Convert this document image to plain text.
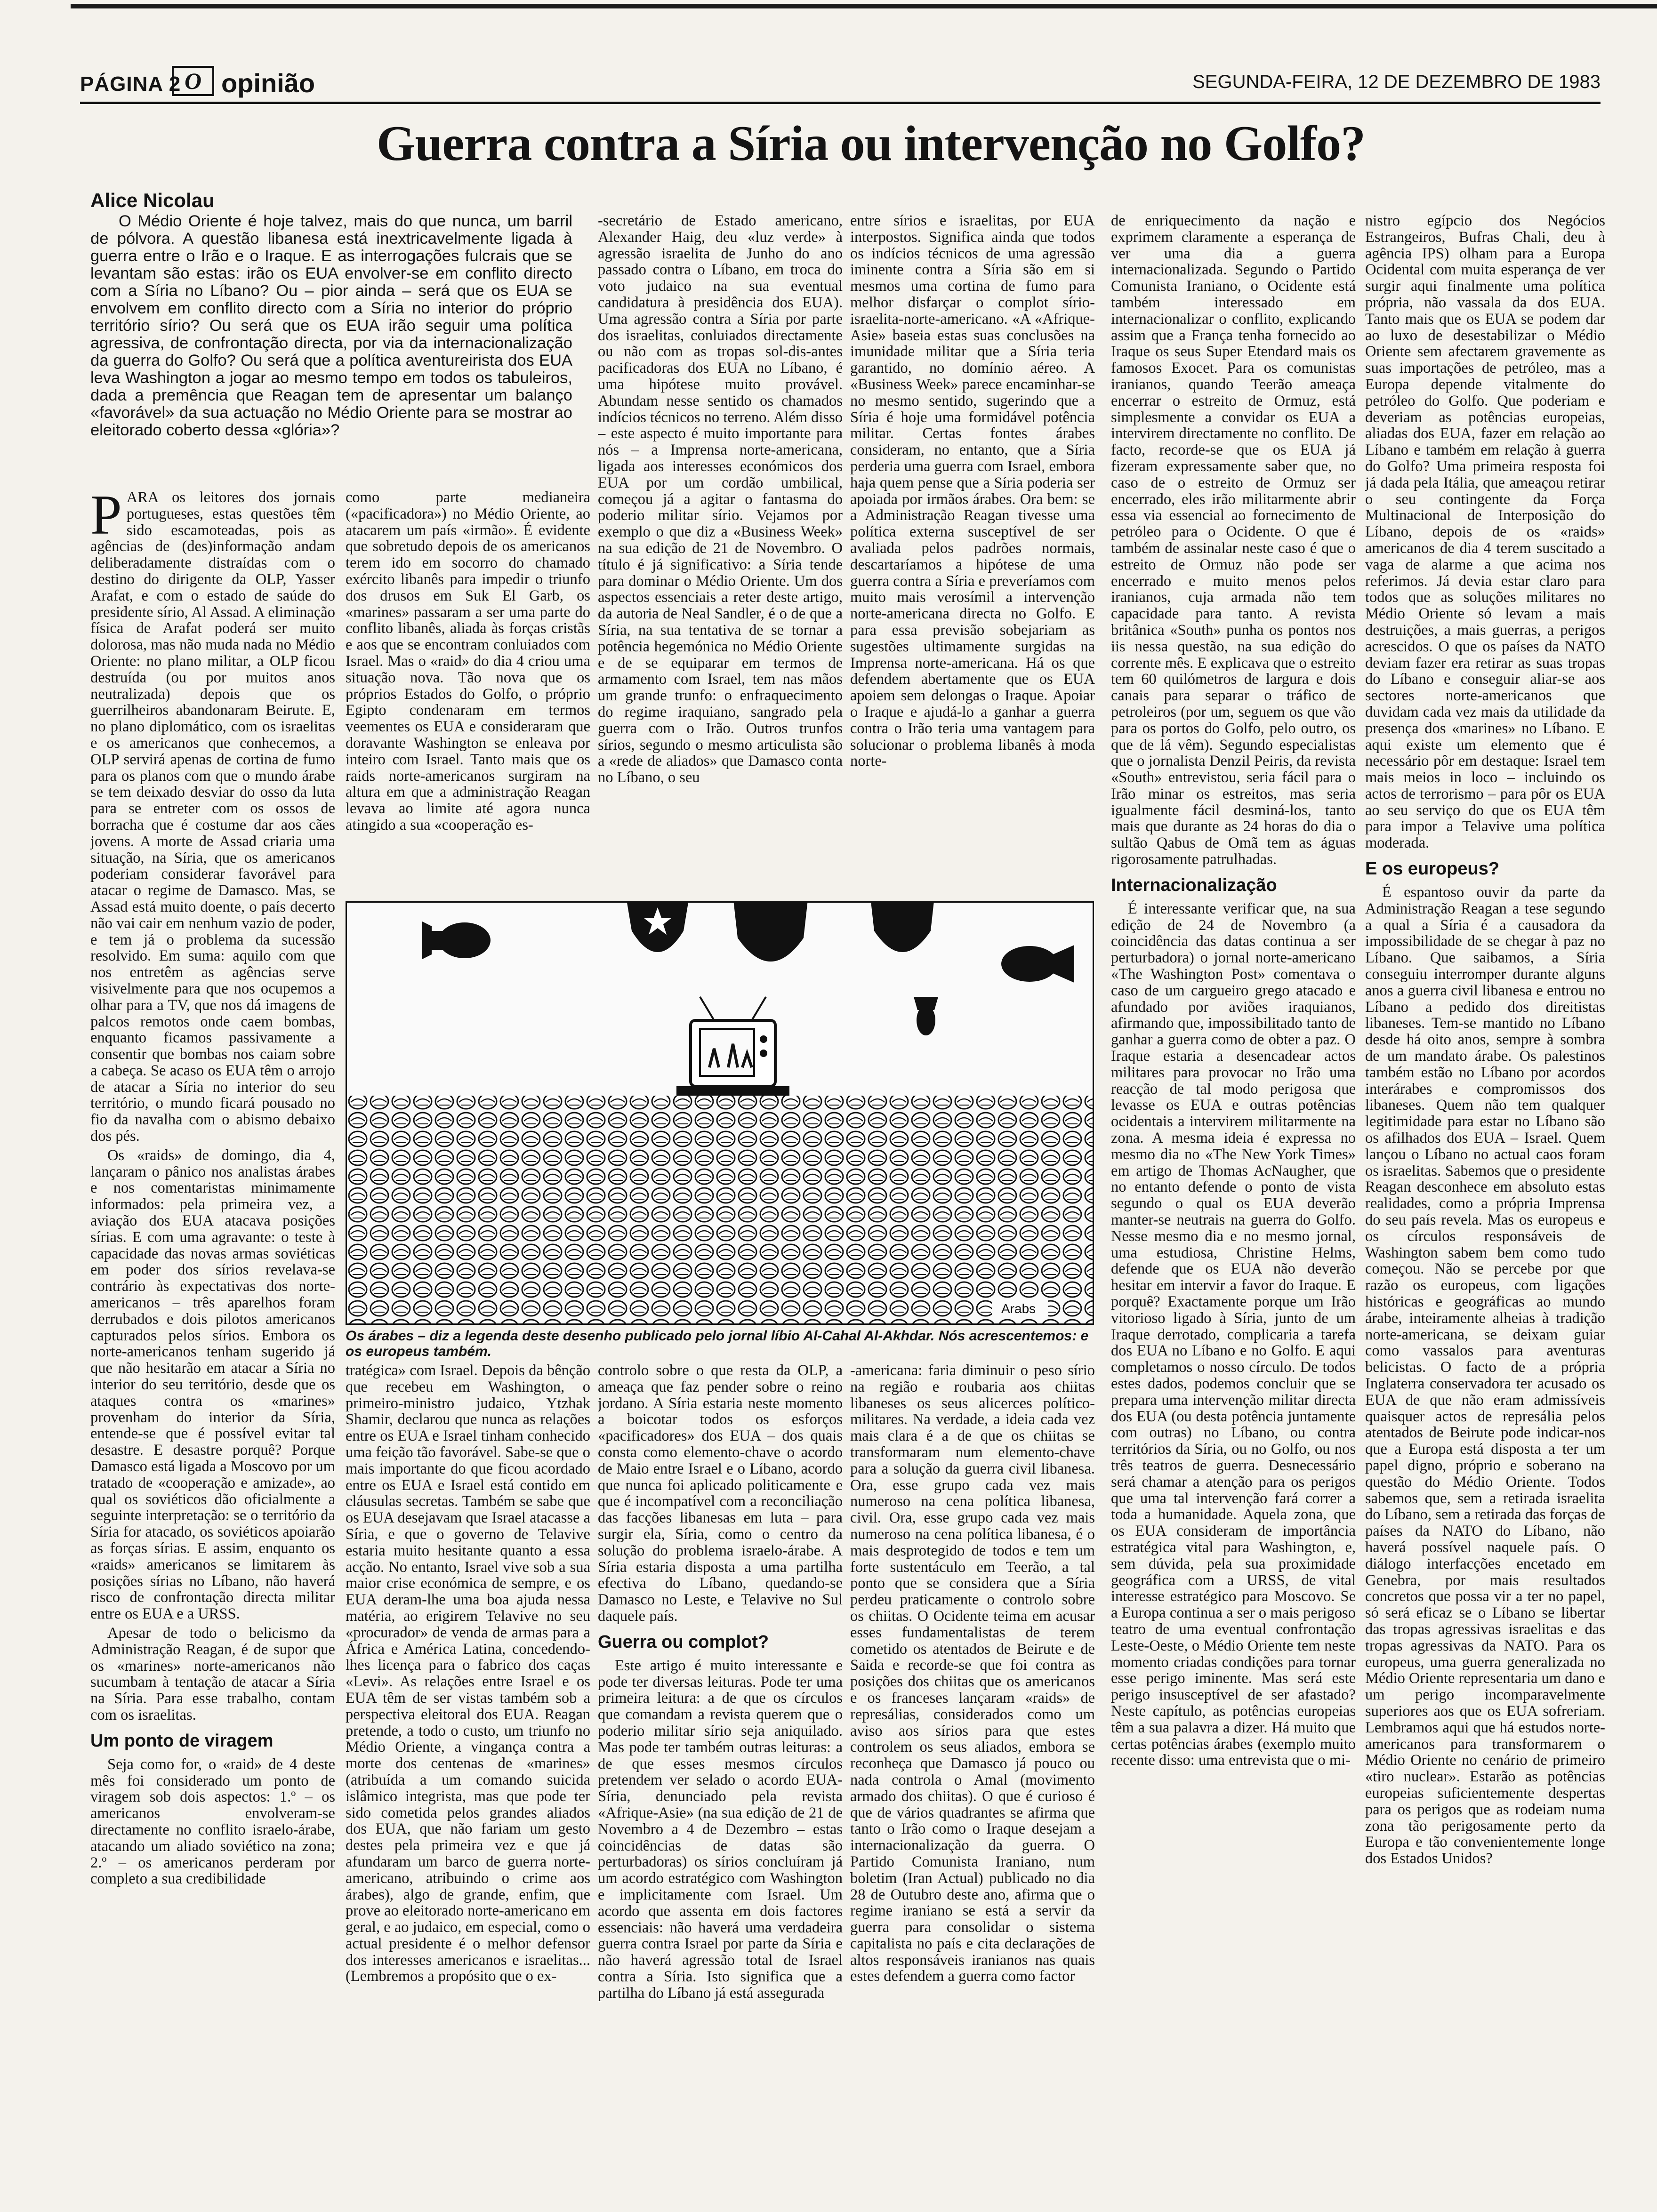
PÁGINA 2 O opinião	SEGUNDA-FEIRA, 12 DE DEZEMBRO DE 1983
Guerra contra a Síria ou intervenção no Golfo?
Alice Nicolau

O Médio Oriente é hoje talvez, mais do que nunca, um barril de pólvora. A questão libanesa está inextricavelmente ligada à guerra entre o Irão e o Iraque. E as interrogações fulcrais que se levantam são estas: irão os EUA envolver-se em conflito directo com a Síria no Líbano? Ou – pior ainda – será que os EUA se envolvem em conflito directo com a Síria no interior do próprio território sírio? Ou será que os EUA irão seguir uma política agressiva, de confrontação directa, por via da internacionalização da guerra do Golfo? Ou será que a política aventureirista dos EUA leva Washington a jogar ao mesmo tempo em todos os tabuleiros, dada a premência que Reagan tem de apresentar um balanço «favorável» da sua actuação no Médio Oriente para se mostrar ao eleitorado coberto dessa «glória»?

PARA os leitores dos jornais portugueses, estas questões têm sido escamoteadas, pois as agências de (des)informação andam deliberadamente distraídas com o destino do dirigente da OLP, Yasser Arafat, e com o estado de saúde do presidente sírio, Al Assad. A eliminação física de Arafat poderá ser muito dolorosa, mas não muda nada no Médio Oriente: no plano militar, a OLP ficou destruída (ou por muitos anos neutralizada) depois que os guerrilheiros abandonaram Beirute. E, no plano diplomático, com os israelitas e os americanos que conhecemos, a OLP servirá apenas de cortina de fumo para os planos com que o mundo árabe se tem deixado desviar do osso da luta para se entreter com os ossos de borracha que é costume dar aos cães jovens. A morte de Assad criaria uma situação, na Síria, que os americanos poderiam considerar favorável para atacar o regime de Damasco. Mas, se Assad está muito doente, o país decerto não vai cair em nenhum vazio de poder, e tem já o problema da sucessão resolvido. Em suma: aquilo com que nos entretêm as agências serve visivelmente para que nos ocupemos a olhar para a TV, que nos dá imagens de palcos remotos onde caem bombas, enquanto ficamos passivamente a consentir que bombas nos caiam sobre a cabeça. Se acaso os EUA têm o arrojo de atacar a Síria no interior do seu território, o mundo ficará pousado no fio da navalha com o abismo debaixo dos pés.

Os «raids» de domingo, dia 4, lançaram o pânico nos analistas árabes e nos comentaristas minimamente informados: pela primeira vez, a aviação dos EUA atacava posições sírias. E com uma agravante: o teste à capacidade das novas armas soviéticas em poder dos sírios revelava-se contrário às expectativas dos norte-americanos – três aparelhos foram derrubados e dois pilotos americanos capturados pelos sírios. Embora os norte-americanos tenham sugerido já que não hesitarão em atacar a Síria no interior do seu território, desde que os ataques contra os «marines» provenham do interior da Síria, entende-se que é possível evitar tal desastre. E desastre porquê? Porque Damasco está ligada a Moscovo por um tratado de «cooperação e amizade», ao qual os soviéticos dão oficialmente a seguinte interpretação: se o território da Síria for atacado, os soviéticos apoiarão as forças sírias. E assim, enquanto os «raids» americanos se limitarem às posições sírias no Líbano, não haverá risco de confrontação directa militar entre os EUA e a URSS.

Apesar de todo o belicismo da Administração Reagan, é de supor que os «marines» norte-americanos não sucumbam à tentação de atacar a Síria na Síria. Para esse trabalho, contam com os israelitas.

Um ponto de viragem

Seja como for, o «raid» de 4 deste mês foi considerado um ponto de viragem sob dois aspectos: 1.º – os americanos envolveram-se directamente no conflito israelo-árabe, atacando um aliado soviético na zona; 2.º – os americanos perderam por completo a sua credibilidade

como parte medianeira («pacificadora») no Médio Oriente, ao atacarem um país «irmão». É evidente que sobretudo depois de os americanos terem ido em socorro do chamado exército libanês para impedir o triunfo dos drusos em Suk El Garb, os «marines» passaram a ser uma parte do conflito libanês, aliada às forças cristãs e aos que se encontram conluiados com Israel. Mas o «raid» do dia 4 criou uma situação nova. Tão nova que os próprios Estados do Golfo, o próprio Egipto condenaram em termos veementes os EUA e consideraram que doravante Washington se enleava por inteiro com Israel. Tanto mais que os raids norte-americanos surgiram na altura em que a administração Reagan levava ao limite até agora nunca atingido a sua «cooperação es-

-secretário de Estado americano, Alexander Haig, deu «luz verde» à agressão israelita de Junho do ano passado contra o Líbano, em troca do voto judaico na sua eventual candidatura à presidência dos EUA). Uma agressão contra a Síria por parte dos israelitas, conluiados directamente ou não com as tropas sol-dis-antes pacificadoras dos EUA no Líbano, é uma hipótese muito provável. Abundam nesse sentido os chamados indícios técnicos no terreno. Além disso – este aspecto é muito importante para nós – a Imprensa norte-americana, ligada aos interesses económicos dos EUA por um cordão umbilical, começou já a agitar o fantasma do poderio militar sírio. Vejamos por exemplo o que diz a «Business Week» na sua edição de 21 de Novembro. O título é já significativo: a Síria tende para dominar o Médio Oriente. Um dos aspectos essenciais a reter deste artigo, da autoria de Neal Sandler, é o de que a Síria, na sua tentativa de se tornar a potência hegemónica no Médio Oriente e de se equiparar em termos de armamento com Israel, tem nas mãos um grande trunfo: o enfraquecimento do regime iraquiano, sangrado pela guerra com o Irão. Outros trunfos sírios, segundo o mesmo articulista são a «rede de aliados» que Damasco conta no Líbano, o seu

entre sírios e israelitas, por EUA interpostos. Significa ainda que todos os indícios técnicos de uma agressão iminente contra a Síria são em si mesmos uma cortina de fumo para melhor disfarçar o complot sírio-israelita-norte-americano. «A «Afrique-Asie» baseia estas suas conclusões na imunidade militar que a Síria teria garantido, no domínio aéreo. A «Business Week» parece encaminhar-se no mesmo sentido, sugerindo que a Síria é hoje uma formidável potência militar. Certas fontes árabes consideram, no entanto, que a Síria perderia uma guerra com Israel, embora haja quem pense que a Síria poderia ser apoiada por irmãos árabes. Ora bem: se a Administração Reagan tivesse uma política externa susceptível de ser avaliada pelos padrões normais, descartaríamos a hipótese de uma guerra contra a Síria e preveríamos com muito mais verosímil a intervenção norte-americana directa no Golfo. E para essa previsão sobejariam as sugestões ultimamente surgidas na Imprensa norte-americana. Há os que defendem abertamente que os EUA apoiem sem delongas o Iraque. Apoiar o Iraque e ajudá-lo a ganhar a guerra contra o Irão teria uma vantagem para solucionar o problema libanês à moda norte-

de enriquecimento da nação e exprimem claramente a esperança de ver uma dia a guerra internacionalizada. Segundo o Partido Comunista Iraniano, o Ocidente está também interessado em internacionalizar o conflito, explicando assim que a França tenha fornecido ao Iraque os seus Super Etendard mais os famosos Exocet. Para os comunistas iranianos, quando Teerão ameaça encerrar o estreito de Ormuz, está simplesmente a convidar os EUA a intervirem directamente no conflito. De facto, recorde-se que os EUA já fizeram expressamente saber que, no caso de o estreito de Ormuz ser encerrado, eles irão militarmente abrir essa via essencial ao fornecimento de petróleo para o Ocidente. O que é também de assinalar neste caso é que o estreito de Ormuz não pode ser encerrado e muito menos pelos iranianos, cuja armada não tem capacidade para tanto. A revista britânica «South» punha os pontos nos iis nessa questão, na sua edição do corrente mês. E explicava que o estreito tem 60 quilómetros de largura e dois canais para separar o tráfico de petroleiros (por um, seguem os que vão para os portos do Golfo, pelo outro, os que de lá vêm). Segundo especialistas que o jornalista Denzil Peiris, da revista «South» entrevistou, seria fácil para o Irão minar os estreitos, mas seria igualmente fácil desminá-los, tanto mais que durante as 24 horas do dia o sultão Qabus de Omã tem as águas rigorosamente patrulhadas.

Internacionalização

É interessante verificar que, na sua edição de 24 de Novembro (a coincidência das datas continua a ser perturbadora) o jornal norte-americano «The Washington Post» comentava o caso de um cargueiro grego atacado e afundado por aviões iraquianos, afirmando que, impossibilitado tanto de ganhar a guerra como de obter a paz. O Iraque estaria a desencadear actos militares para provocar no Irão uma reacção de tal modo perigosa que levasse os EUA e outras potências ocidentais a intervirem militarmente na zona. A mesma ideia é expressa no mesmo dia no «The New York Times» em artigo de Thomas AcNaugher, que no entanto defende o ponto de vista segundo o qual os EUA deverão manter-se neutrais na guerra do Golfo. Nesse mesmo dia e no mesmo jornal, uma estudiosa, Christine Helms, defende que os EUA não deverão hesitar em intervir a favor do Iraque. E porquê? Exactamente porque um Irão vitorioso ligado à Síria, junto de um Iraque derrotado, complicaria a tarefa dos EUA no Líbano e no Golfo. E aqui completamos o nosso círculo. De todos estes dados, podemos concluir que se prepara uma intervenção militar directa dos EUA (ou desta potência juntamente com outras) no Líbano, ou contra territórios da Síria, ou no Golfo, ou nos três teatros de guerra. Desnecessário será chamar a atenção para os perigos que uma tal intervenção fará correr a toda a humanidade. Aquela zona, que os EUA consideram de importância estratégica vital para Washington, e, sem dúvida, pela sua proximidade geográfica com a URSS, de vital interesse estratégico para Moscovo. Se a Europa continua a ser o mais perigoso teatro de uma eventual confrontação Leste-Oeste, o Médio Oriente tem neste momento criadas condições para tornar esse perigo iminente. Mas será este perigo insusceptível de ser afastado? Neste capítulo, as potências europeias têm a sua palavra a dizer. Há muito que certas potências árabes (exemplo muito recente disso: uma entrevista que o mi-

nistro egípcio dos Negócios Estrangeiros, Bufras Chali, deu à agência IPS) olham para a Europa Ocidental com muita esperança de ver surgir aqui finalmente uma política própria, não vassala da dos EUA. Tanto mais que os EUA se podem dar ao luxo de desestabilizar o Médio Oriente sem afectarem gravemente as suas importações de petróleo, mas a Europa depende vitalmente do petróleo do Golfo. Que poderiam e deveriam as potências europeias, aliadas dos EUA, fazer em relação ao Líbano e também em relação à guerra do Golfo? Uma primeira resposta foi já dada pela Itália, que ameaçou retirar o seu contingente da Força Multinacional de Interposição do Líbano, depois de os «raids» americanos de dia 4 terem suscitado a vaga de alarme a que acima nos referimos. Já devia estar claro para todos que as soluções militares no Médio Oriente só levam a mais destruições, a mais guerras, a perigos acrescidos. O que os países da NATO deviam fazer era retirar as suas tropas do Líbano e conseguir aliar-se aos sectores norte-americanos que duvidam cada vez mais da utilidade da presença dos «marines» no Líbano. E aqui existe um elemento que é necessário pôr em destaque: Israel tem mais meios in loco – incluindo os actos de terrorismo – para pôr os EUA ao seu serviço do que os EUA têm para impor a Telavive uma política moderada.

E os europeus?

É espantoso ouvir da parte da Administração Reagan a tese segundo a qual a Síria é a causadora da impossibilidade de se chegar à paz no Líbano. Que saibamos, a Síria conseguiu interromper durante alguns anos a guerra civil libanesa e entrou no Líbano a pedido dos direitistas libaneses. Tem-se mantido no Líbano desde há oito anos, sempre à sombra de um mandato árabe. Os palestinos também estão no Líbano por acordos interárabes e compromissos dos libaneses. Quem não tem qualquer legitimidade para estar no Líbano são os afilhados dos EUA – Israel. Quem lançou o Líbano no actual caos foram os israelitas. Sabemos que o presidente Reagan desconhece em absoluto estas realidades, como a própria Imprensa do seu país revela. Mas os europeus e os círculos responsáveis de Washington sabem bem como tudo começou. Não se percebe por que razão os europeus, com ligações históricas e geográficas ao mundo árabe, inteiramente alheias à tradição norte-americana, se deixam guiar como vassalos para aventuras belicistas. O facto de a própria Inglaterra conservadora ter acusado os EUA de que não eram admissíveis quaisquer actos de represália pelos atentados de Beirute pode indicar-nos que a Europa está disposta a ter um papel digno, próprio e soberano na questão do Médio Oriente. Todos sabemos que, sem a retirada israelita do Líbano, sem a retirada das forças de países da NATO do Líbano, não haverá possível naquele país. O diálogo interfacções encetado em Genebra, por mais resultados concretos que possa vir a ter no papel, só será eficaz se o Líbano se libertar das tropas agressivas israelitas e das tropas agressivas da NATO. Para os europeus, uma guerra generalizada no Médio Oriente representaria um dano e um perigo incomparavelmente superiores aos que os EUA sofreriam. Lembramos aqui que há estudos norte-americanos para transformarem o Médio Oriente no cenário de primeiro «tiro nuclear». Estarão as potências europeias suficientemente despertas para os perigos que as rodeiam numa zona tão perigosamente perto da Europa e tão convenientemente longe dos Estados Unidos?

Arabs
Os árabes – diz a legenda deste desenho publicado pelo jornal líbio Al-Cahal Al-Akhdar. Nós acrescentemos: e os europeus também.

tratégica» com Israel. Depois da bênção que recebeu em Washington, o primeiro-ministro judaico, Ytzhak Shamir, declarou que nunca as relações entre os EUA e Israel tinham conhecido uma feição tão favorável. Sabe-se que o mais importante do que ficou acordado entre os EUA e Israel está contido em cláusulas secretas. Também se sabe que os EUA desejavam que Israel atacasse a Síria, e que o governo de Telavive estaria muito hesitante quanto a essa acção. No entanto, Israel vive sob a sua maior crise económica de sempre, e os EUA deram-lhe uma boa ajuda nessa matéria, ao erigirem Telavive no seu «procurador» de venda de armas para a África e América Latina, concedendo-lhes licença para o fabrico dos caças «Levi». As relações entre Israel e os EUA têm de ser vistas também sob a perspectiva eleitoral dos EUA. Reagan pretende, a todo o custo, um triunfo no Médio Oriente, a vingança contra a morte dos centenas de «marines» (atribuída a um comando suicida islâmico integrista, mas que pode ter sido cometida pelos grandes aliados dos EUA, que não fariam um gesto destes pela primeira vez e que já afundaram um barco de guerra norte-americano, atribuindo o crime aos árabes), algo de grande, enfim, que prove ao eleitorado norte-americano em geral, e ao judaico, em especial, como o actual presidente é o melhor defensor dos interesses americanos e israelitas... (Lembremos a propósito que o ex-

controlo sobre o que resta da OLP, a ameaça que faz pender sobre o reino jordano. A Síria estaria neste momento a boicotar todos os esforços «pacificadores» dos EUA – dos quais consta como elemento-chave o acordo de Maio entre Israel e o Líbano, acordo que nunca foi aplicado politicamente e que é incompatível com a reconciliação das facções libanesas em luta – para surgir ela, Síria, como o centro da solução do problema israelo-árabe. A Síria estaria disposta a uma partilha efectiva do Líbano, quedando-se Damasco no Leste, e Telavive no Sul daquele país.

Guerra ou complot?

Este artigo é muito interessante e pode ter diversas leituras. Pode ter uma primeira leitura: a de que os círculos que comandam a revista querem que o poderio militar sírio seja aniquilado. Mas pode ter também outras leituras: a de que esses mesmos círculos pretendem ver selado o acordo EUA-Síria, denunciado pela revista «Afrique-Asie» (na sua edição de 21 de Novembro a 4 de Dezembro – estas coincidências de datas são perturbadoras) os sírios concluíram já um acordo estratégico com Washington e implicitamente com Israel. Um acordo que assenta em dois factores essenciais: não haverá uma verdadeira guerra contra Israel por parte da Síria e não haverá agressão total de Israel contra a Síria. Isto significa que a partilha do Líbano já está assegurada

-americana: faria diminuir o peso sírio na região e roubaria aos chiitas libaneses os seus alicerces político-militares. Na verdade, a ideia cada vez mais clara é a de que os chiitas se transformaram num elemento-chave para a solução da guerra civil libanesa. Ora, esse grupo cada vez mais numeroso na cena política libanesa, civil. Ora, esse grupo cada vez mais numeroso na cena política libanesa, é o mais desprotegido de todos e tem um forte sustentáculo em Teerão, a tal ponto que se considera que a Síria perdeu praticamente o controlo sobre os chiitas. O Ocidente teima em acusar esses fundamentalistas de terem cometido os atentados de Beirute e de Saida e recorde-se que foi contra as posições dos chiitas que os americanos e os franceses lançaram «raids» de represálias, considerados como um aviso aos sírios para que estes controlem os seus aliados, embora se reconheça que Damasco já pouco ou nada controla o Amal (movimento armado dos chiitas). O que é curioso é que de vários quadrantes se afirma que tanto o Irão como o Iraque desejam a internacionalização da guerra. O Partido Comunista Iraniano, num boletim (Iran Actual) publicado no dia 28 de Outubro deste ano, afirma que o regime iraniano se está a servir da guerra para consolidar o sistema capitalista no país e cita declarações de altos responsáveis iranianos nas quais estes defendem a guerra como factor
